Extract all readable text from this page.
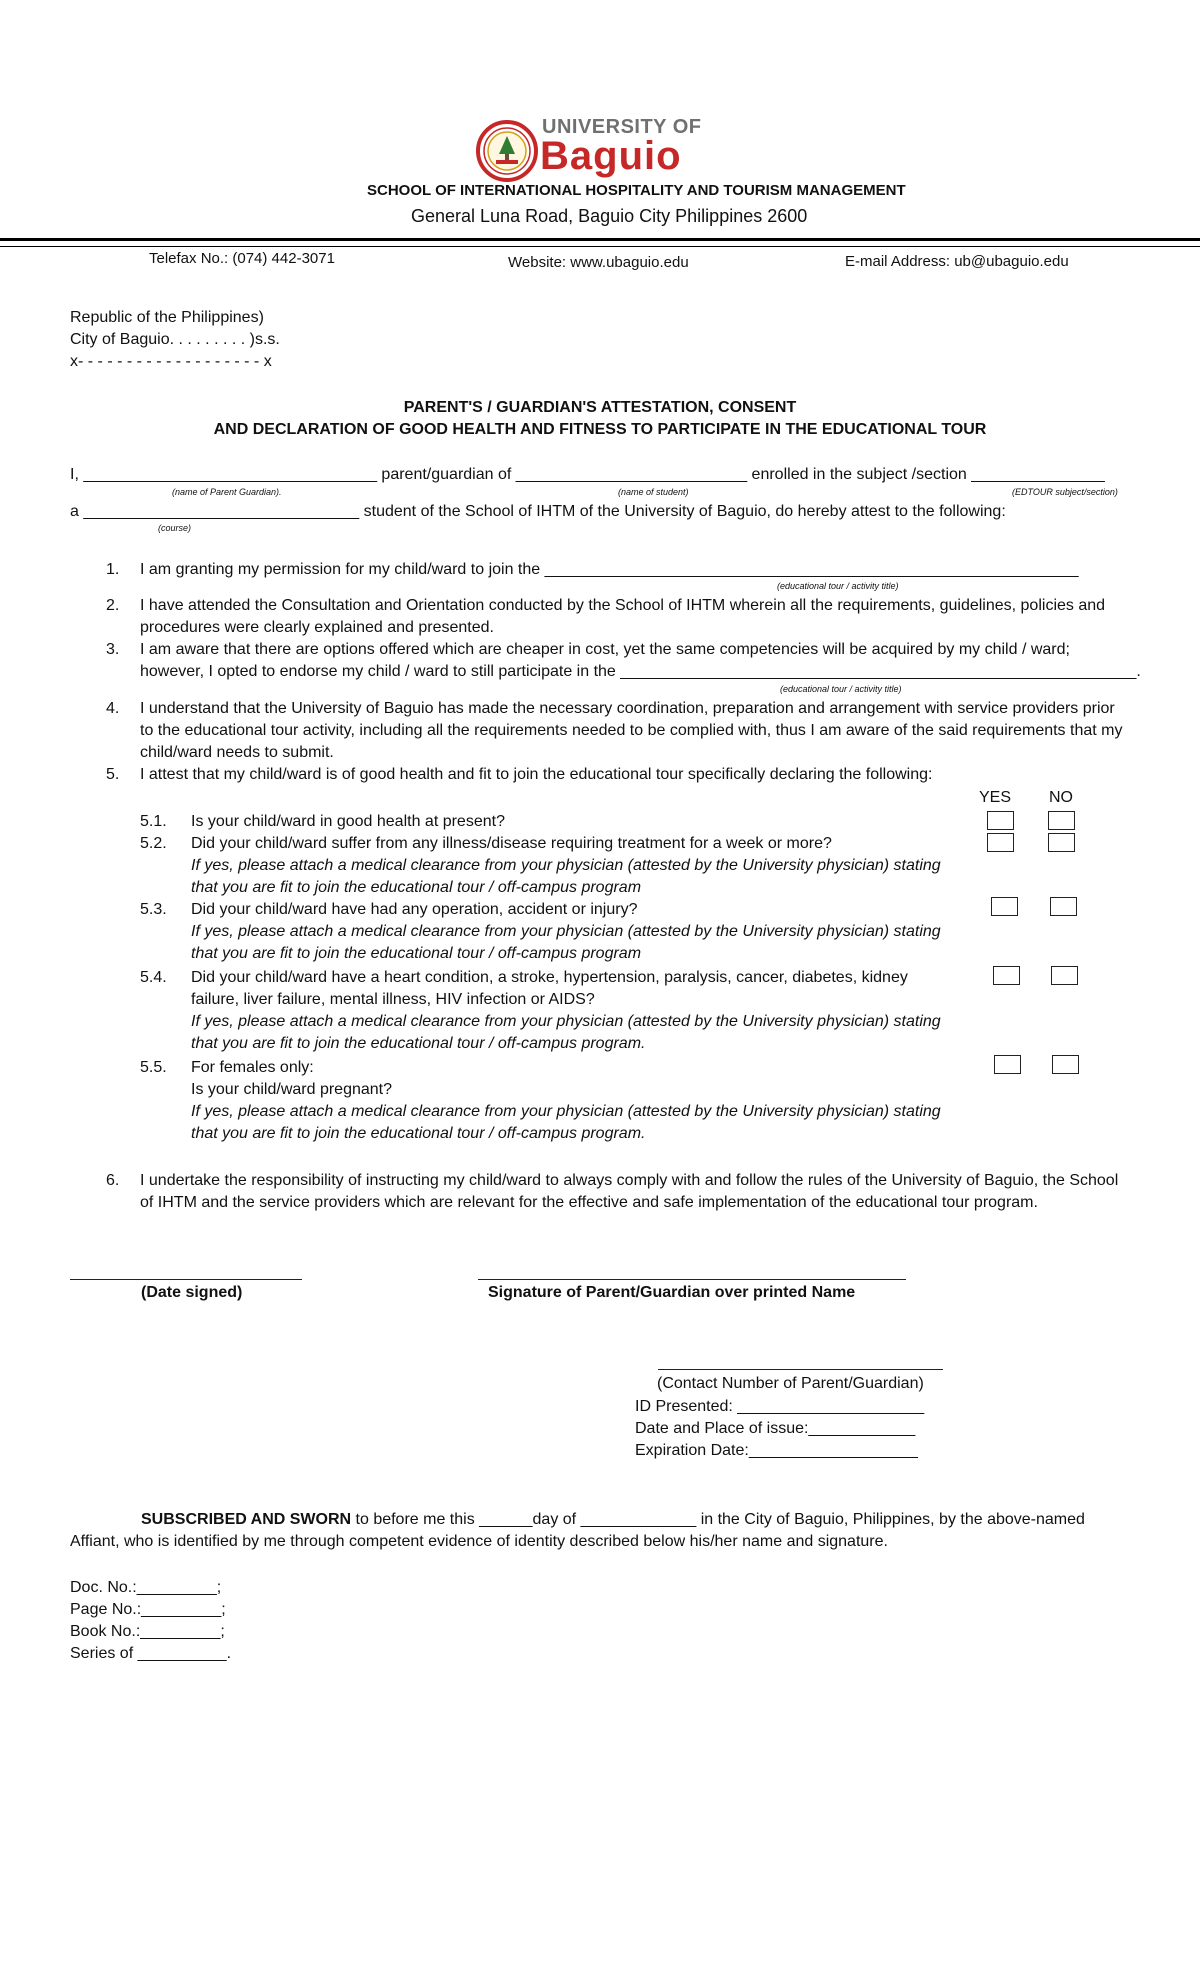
UNIVERSITY OF
Baguio
SCHOOL OF INTERNATIONAL HOSPITALITY AND TOURISM MANAGEMENT
General Luna Road, Baguio City Philippines 2600
Telefax No.: (074) 442-3071	Website: www.ubaguio.edu	E-mail Address: ub@ubaguio.edu
Republic of the Philippines)
City of Baguio. . . . . . . . . )s.s.
x- - - - - - - - - - - - - - - - - - - x
PARENT'S / GUARDIAN'S ATTESTATION, CONSENT
AND DECLARATION OF GOOD HEALTH AND FITNESS TO PARTICIPATE IN THE EDUCATIONAL TOUR
I, _________________________________ parent/guardian of __________________________ enrolled in the subject /section _______________
(name of Parent Guardian).	(name of student)	(EDTOUR subject/section)
a _______________________________ student of the School of IHTM of the University of Baguio, do hereby attest to the following:
(course)
1. I am granting my permission for my child/ward to join the ____________________________________________________________
(educational tour / activity title)
2. I have attended the Consultation and Orientation conducted by the School of IHTM wherein all the requirements, guidelines, policies and
procedures were clearly explained and presented.
3. I am aware that there are options offered which are cheaper in cost, yet the same competencies will be acquired by my child / ward;
however, I opted to endorse my child / ward to still participate in the __________________________________________________________.
(educational tour / activity title)
4. I understand that the University of Baguio has made the necessary coordination, preparation and arrangement with service providers prior
to the educational tour activity, including all the requirements needed to be complied with, thus I am aware of the said requirements that my
child/ward needs to submit.
5. I attest that my child/ward is of good health and fit to join the educational tour specifically declaring the following:
YES NO
5.1. Is your child/ward in good health at present?
5.2. Did your child/ward suffer from any illness/disease requiring treatment for a week or more?
If yes, please attach a medical clearance from your physician (attested by the University physician) stating
that you are fit to join the educational tour / off-campus program
5.3. Did your child/ward have had any operation, accident or injury?
If yes, please attach a medical clearance from your physician (attested by the University physician) stating
that you are fit to join the educational tour / off-campus program
5.4. Did your child/ward have a heart condition, a stroke, hypertension, paralysis, cancer, diabetes, kidney
failure, liver failure, mental illness, HIV infection or AIDS?
If yes, please attach a medical clearance from your physician (attested by the University physician) stating
that you are fit to join the educational tour / off-campus program.
5.5. For females only:
Is your child/ward pregnant?
If yes, please attach a medical clearance from your physician (attested by the University physician) stating
that you are fit to join the educational tour / off-campus program.
6. I undertake the responsibility of instructing my child/ward to always comply with and follow the rules of the University of Baguio, the School
of IHTM and the service providers which are relevant for the effective and safe implementation of the educational tour program.
(Date signed)	Signature of Parent/Guardian over printed Name
(Contact Number of Parent/Guardian)
ID Presented: _____________________
Date and Place of issue:____________
Expiration Date:___________________
SUBSCRIBED AND SWORN to before me this ______day of _____________ in the City of Baguio, Philippines, by the above-named
Affiant, who is identified by me through competent evidence of identity described below his/her name and signature.
Doc. No.:_________;
Page No.:_________;
Book No.:_________;
Series of __________.
